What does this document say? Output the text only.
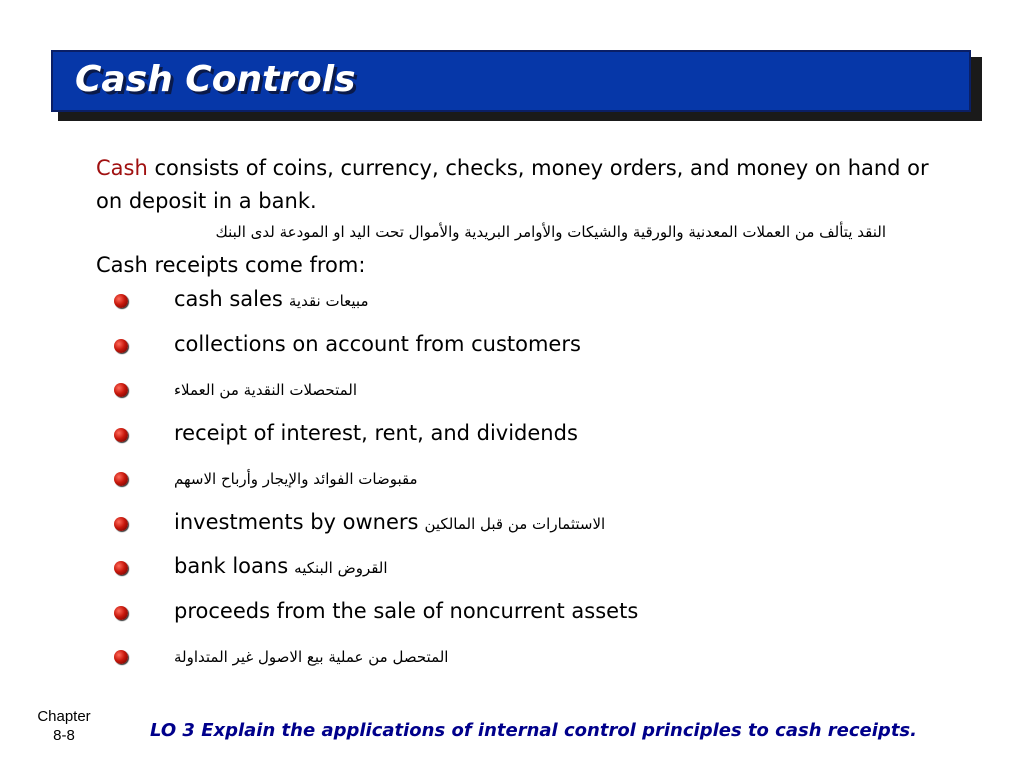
Cash Controls
Cash consists of coins, currency, checks, money orders, and money on hand or on deposit in a bank.
النقد يتألف من العملات المعدنية والورقية والشيكات والأوامر البريدية والأموال تحت اليد او المودعة لدى البنك
Cash receipts come from:
cash sales مبيعات نقدية
collections on account from customers
المتحصلات النقدية من العملاء
receipt of interest, rent, and dividends
مقبوضات الفوائد والإيجار وأرباح الاسهم
investments by owners الاستثمارات من قبل المالكين
bank loans القروض البنكيه
proceeds from the sale of noncurrent assets
المتحصل من عملية بيع الاصول غير المتداولة
Chapter
8-8	LO 3 Explain the applications of internal control principles to cash receipts.
